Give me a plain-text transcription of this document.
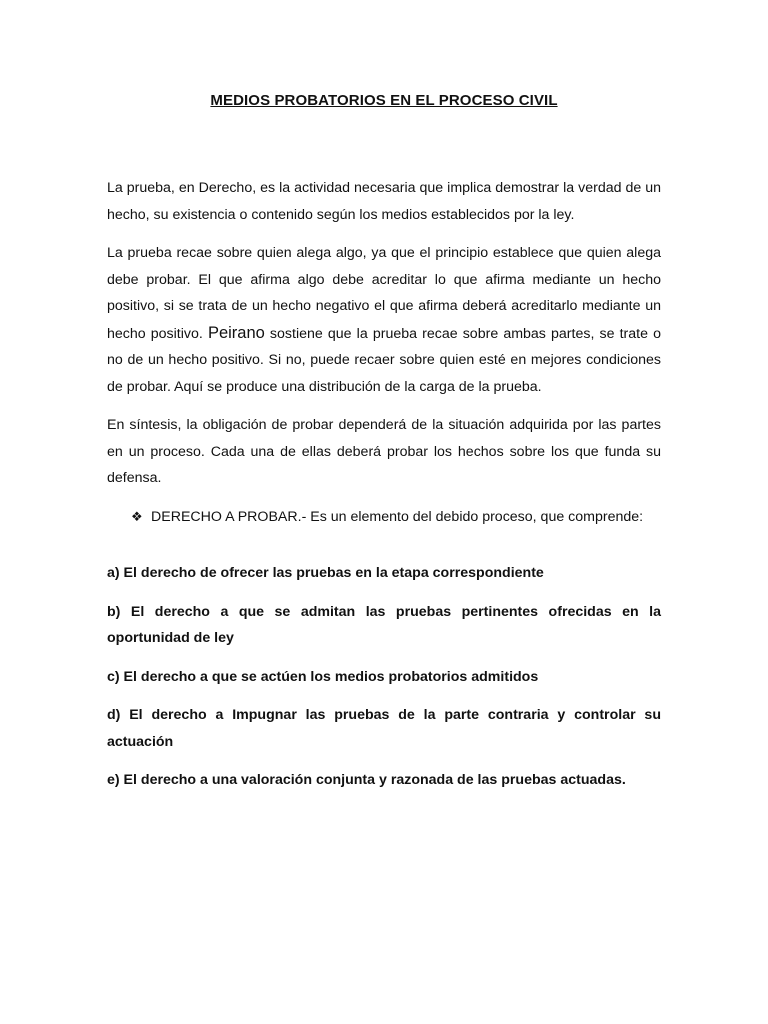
MEDIOS PROBATORIOS EN EL PROCESO CIVIL

La prueba, en Derecho, es la actividad necesaria que implica demostrar la verdad de un hecho, su existencia o contenido según los medios establecidos por la ley.

La prueba recae sobre quien alega algo, ya que el principio establece que quien alega debe probar. El que afirma algo debe acreditar lo que afirma mediante un hecho positivo, si se trata de un hecho negativo el que afirma deberá acreditarlo mediante un hecho positivo. Peirano sostiene que la prueba recae sobre ambas partes, se trate o no de un hecho positivo. Si no, puede recaer sobre quien esté en mejores condiciones de probar. Aquí se produce una distribución de la carga de la prueba.

En síntesis, la obligación de probar dependerá de la situación adquirida por las partes en un proceso. Cada una de ellas deberá probar los hechos sobre los que funda su defensa.

❖ DERECHO A PROBAR.- Es un elemento del debido proceso, que comprende:

a) El derecho de ofrecer las pruebas en la etapa correspondiente

b) El derecho a que se admitan las pruebas pertinentes ofrecidas en la oportunidad de ley

c) El derecho a que se actúen los medios probatorios admitidos

d) El derecho a Impugnar las pruebas de la parte contraria y controlar su actuación

e) El derecho a una valoración conjunta y razonada de las pruebas actuadas.
